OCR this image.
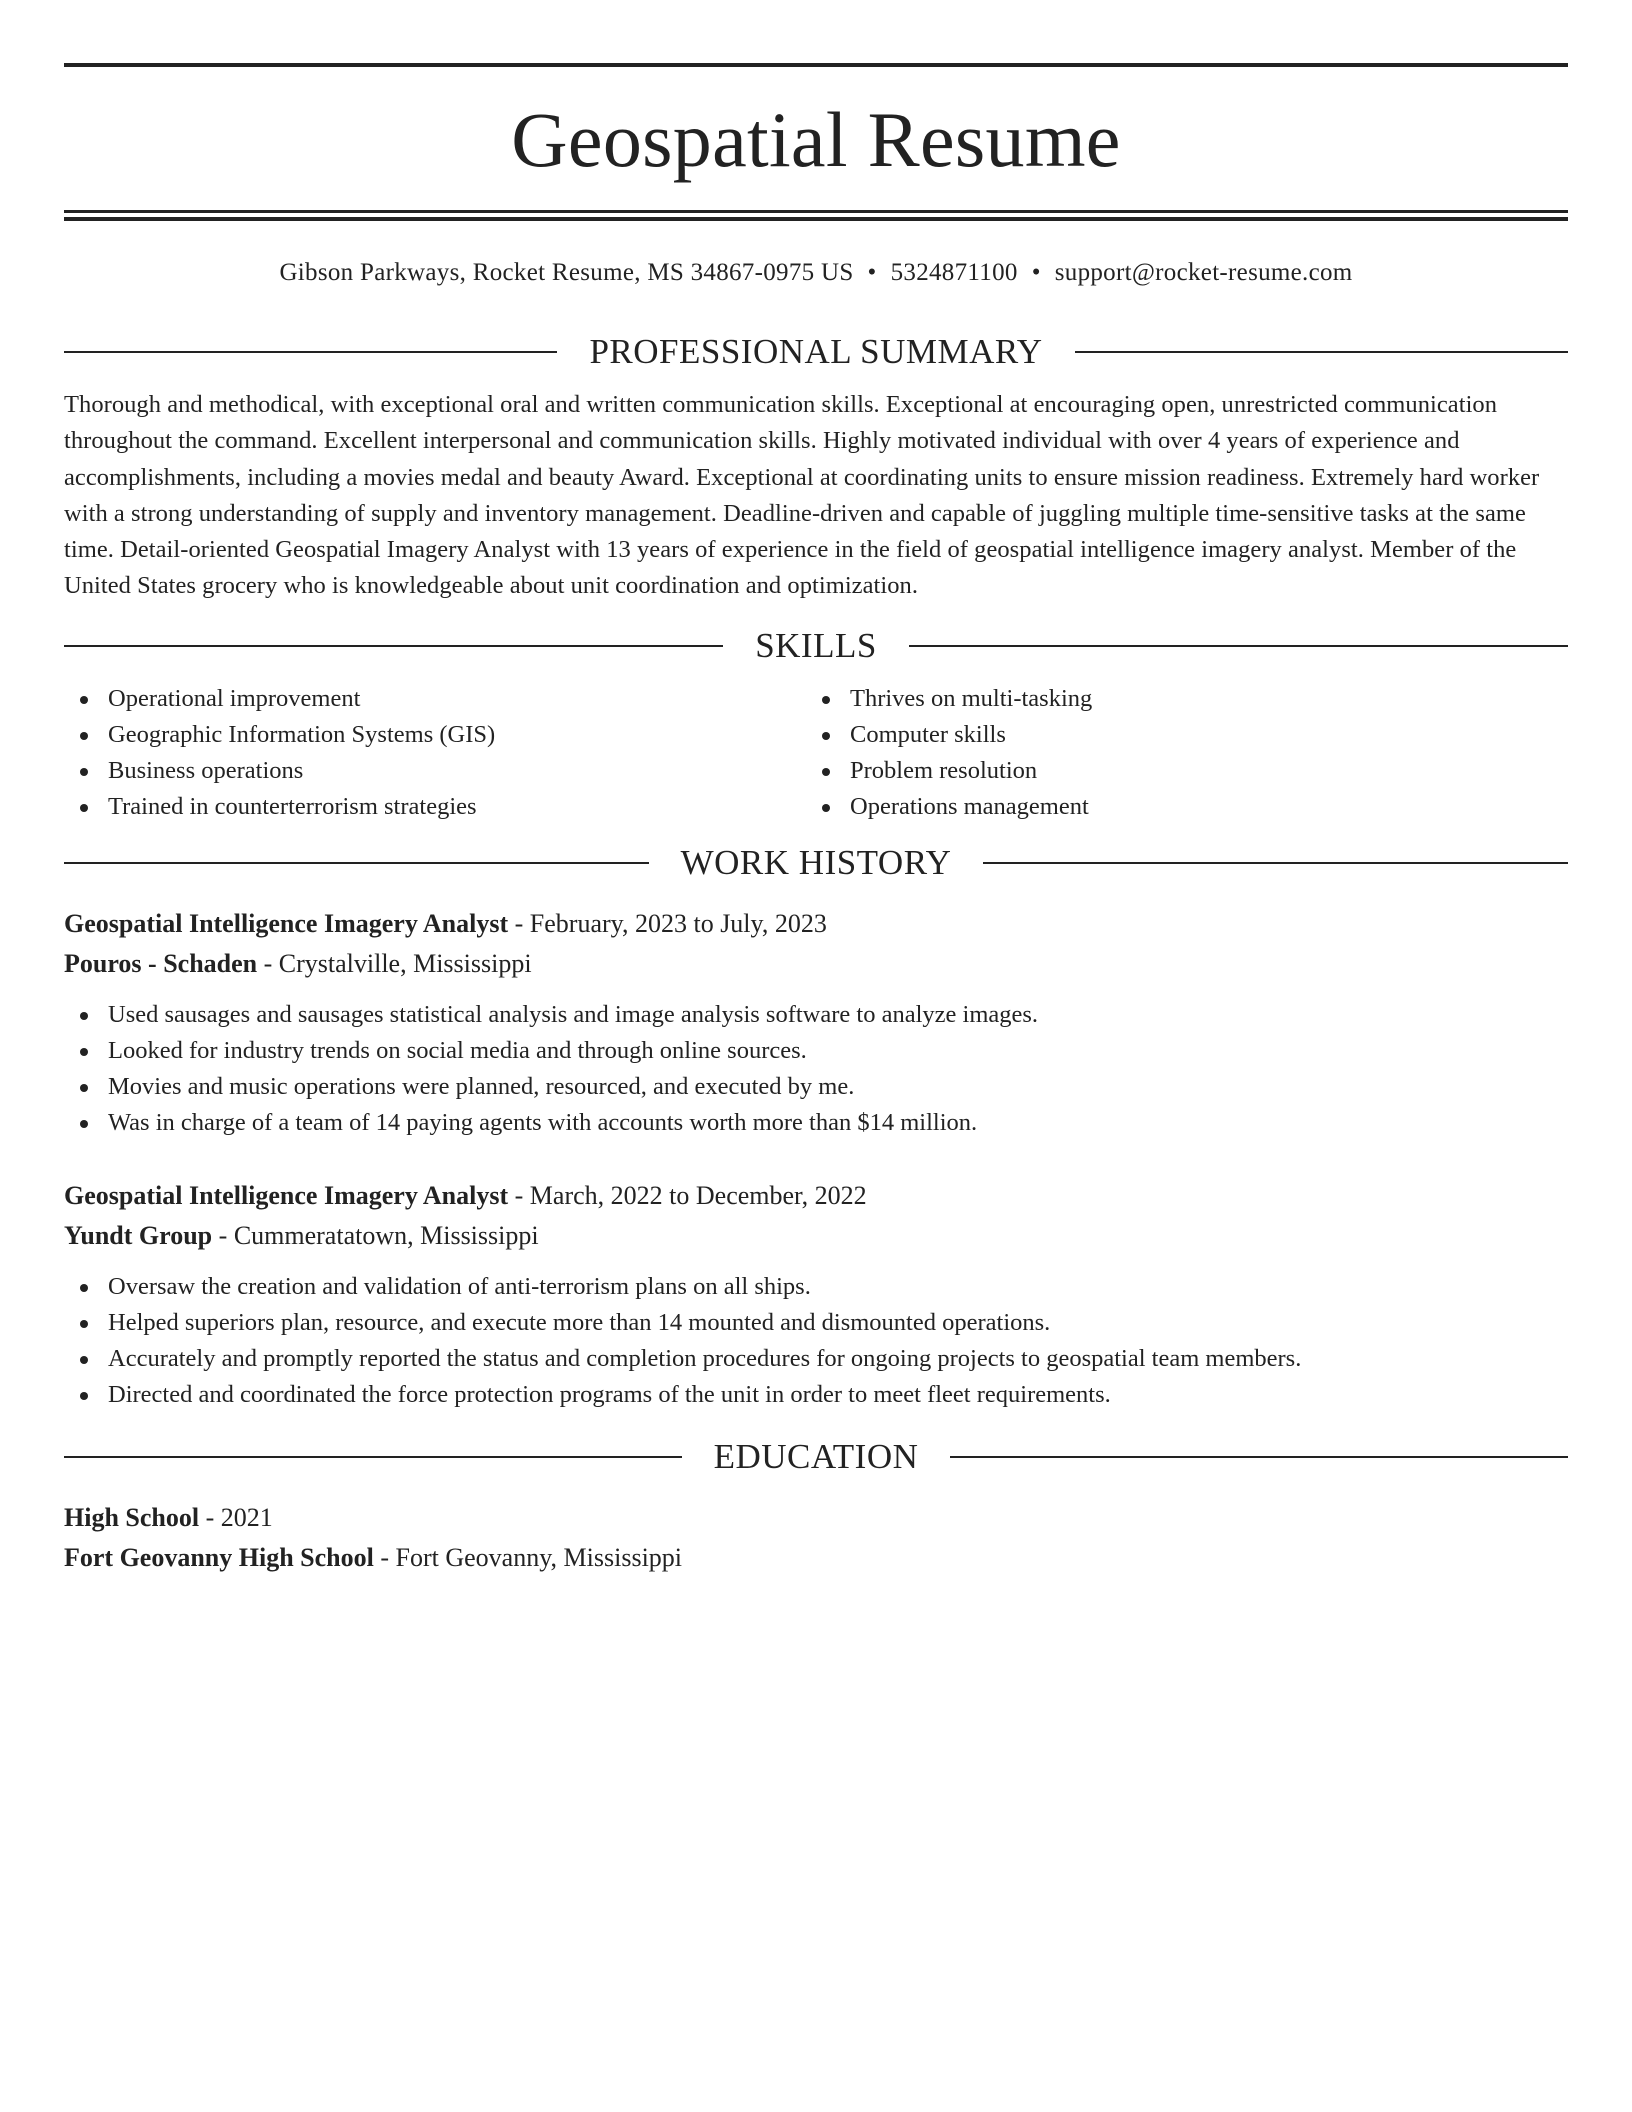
Geospatial Resume
Gibson Parkways, Rocket Resume, MS 34867-0975 US • 5324871100 • support@rocket-resume.com
PROFESSIONAL SUMMARY

Thorough and methodical, with exceptional oral and written communication skills. Exceptional at encouraging open, unrestricted communication throughout the command. Excellent interpersonal and communication skills. Highly motivated individual with over 4 years of experience and accomplishments, including a movies medal and beauty Award. Exceptional at coordinating units to ensure mission readiness. Extremely hard worker with a strong understanding of supply and inventory management. Deadline-driven and capable of juggling multiple time-sensitive tasks at the same time. Detail-oriented Geospatial Imagery Analyst with 13 years of experience in the field of geospatial intelligence imagery analyst. Member of the United States grocery who is knowledgeable about unit coordination and optimization.

SKILLS
Operational improvement
Geographic Information Systems (GIS)
Business operations
Trained in counterterrorism strategies
Thrives on multi-tasking
Computer skills
Problem resolution
Operations management
WORK HISTORY
Geospatial Intelligence Imagery Analyst - February, 2023 to July, 2023
Pouros - Schaden - Crystalville, Mississippi
Used sausages and sausages statistical analysis and image analysis software to analyze images.
Looked for industry trends on social media and through online sources.
Movies and music operations were planned, resourced, and executed by me.
Was in charge of a team of 14 paying agents with accounts worth more than $14 million.
Geospatial Intelligence Imagery Analyst - March, 2022 to December, 2022
Yundt Group - Cummeratatown, Mississippi
Oversaw the creation and validation of anti-terrorism plans on all ships.
Helped superiors plan, resource, and execute more than 14 mounted and dismounted operations.
Accurately and promptly reported the status and completion procedures for ongoing projects to geospatial team members.
Directed and coordinated the force protection programs of the unit in order to meet fleet requirements.
EDUCATION
High School - 2021
Fort Geovanny High School - Fort Geovanny, Mississippi
